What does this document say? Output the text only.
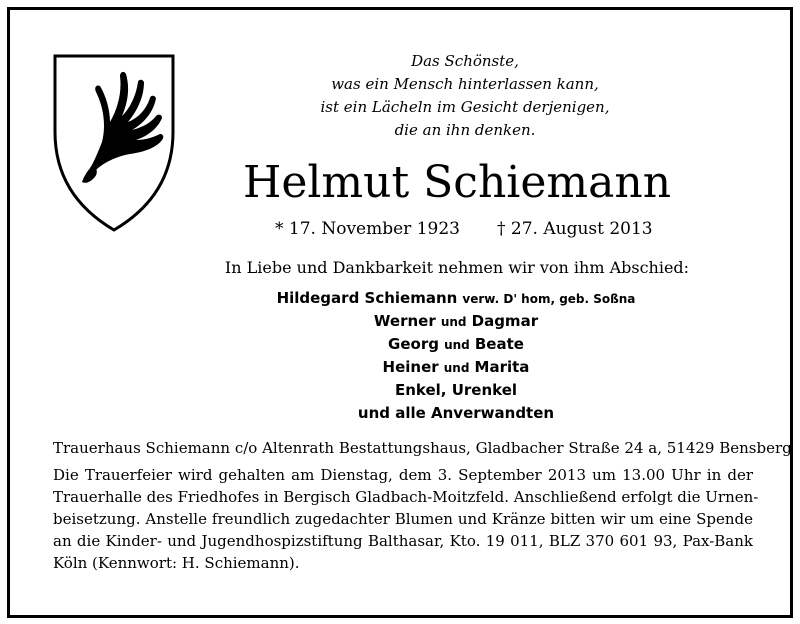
Das Schönste,
was ein Mensch hinterlassen kann,
ist ein Lächeln im Gesicht derjenigen,
die an ihn denken.
Helmut Schiemann
* 17. November 1923 † 27. August 2013
In Liebe und Dankbarkeit nehmen wir von ihm Abschied:
Hildegard Schiemann verw. D' hom, geb. Soßna
Werner und Dagmar
Georg und Beate
Heiner und Marita
Enkel, Urenkel
und alle Anverwandten
Trauerhaus Schiemann c/o Altenrath Bestattungshaus, Gladbacher Straße 24 a, 51429 Bensberg
Die Trauerfeier wird gehalten am Dienstag, dem 3. September 2013 um 13.00 Uhr in der
Trauerhalle des Friedhofes in Bergisch Gladbach-Moitzfeld. Anschließend erfolgt die Urnen-
beisetzung. Anstelle freundlich zugedachter Blumen und Kränze bitten wir um eine Spende
an die Kinder- und Jugendhospizstiftung Balthasar, Kto. 19 011, BLZ 370 601 93, Pax-Bank
Köln (Kennwort: H. Schiemann).
